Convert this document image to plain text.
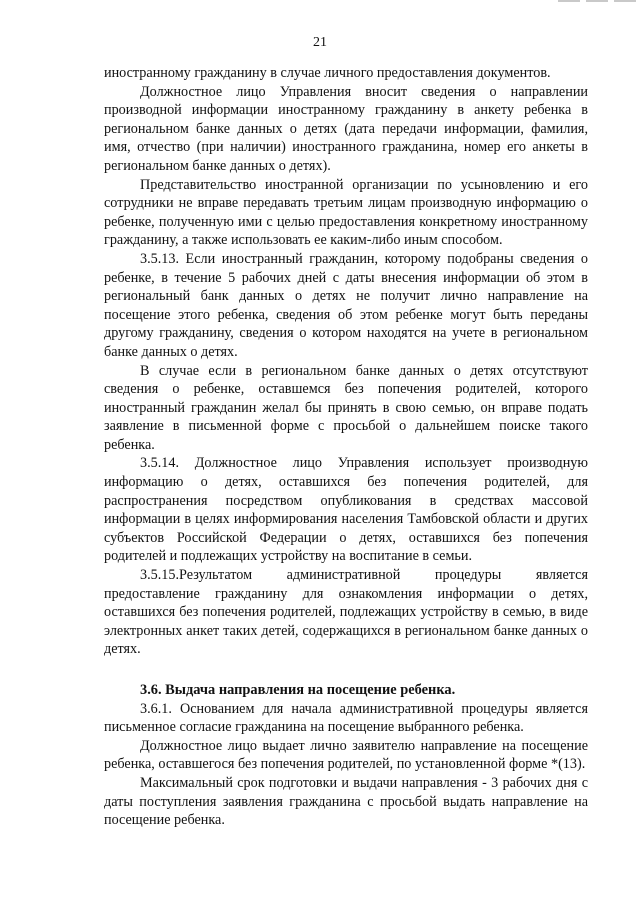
21

иностранному гражданину в случае личного предоставления документов.

Должностное лицо Управления вносит сведения о направлении производной информации иностранному гражданину в анкету ребенка в региональном банке данных о детях (дата передачи информации, фамилия, имя, отчество (при наличии) иностранного гражданина, номер его анкеты в региональном банке данных о детях).

Представительство иностранной организации по усыновлению и его сотрудники не вправе передавать третьим лицам производную информацию о ребенке, полученную ими с целью предоставления конкретному иностранному гражданину, а также использовать ее каким-либо иным способом.

3.5.13. Если иностранный гражданин, которому подобраны сведения о ребенке, в течение 5 рабочих дней с даты внесения информации об этом в региональный банк данных о детях не получит лично направление на посещение этого ребенка, сведения об этом ребенке могут быть переданы другому гражданину, сведения о котором находятся на учете в региональном банке данных о детях.

В случае если в региональном банке данных о детях отсутствуют сведения о ребенке, оставшемся без попечения родителей, которого иностранный гражданин желал бы принять в свою семью, он вправе подать заявление в письменной форме с просьбой о дальнейшем поиске такого ребенка.

3.5.14. Должностное лицо Управления использует производную информацию о детях, оставшихся без попечения родителей, для распространения посредством опубликования в средствах массовой информации в целях информирования населения Тамбовской области и других субъектов Российской Федерации о детях, оставшихся без попечения родителей и подлежащих устройству на воспитание в семьи.

3.5.15.Результатом административной процедуры является предоставление гражданину для ознакомления информации о детях, оставшихся без попечения родителей, подлежащих устройству в семью, в виде электронных анкет таких детей, содержащихся в региональном банке данных о детях.

3.6. Выдача направления на посещение ребенка.

3.6.1. Основанием для начала административной процедуры является письменное согласие гражданина на посещение выбранного ребенка.

Должностное лицо выдает лично заявителю направление на посещение ребенка, оставшегося без попечения родителей, по установленной форме *(13).

Максимальный срок подготовки и выдачи направления - 3 рабочих дня с даты поступления заявления гражданина с просьбой выдать направление на посещение ребенка.
